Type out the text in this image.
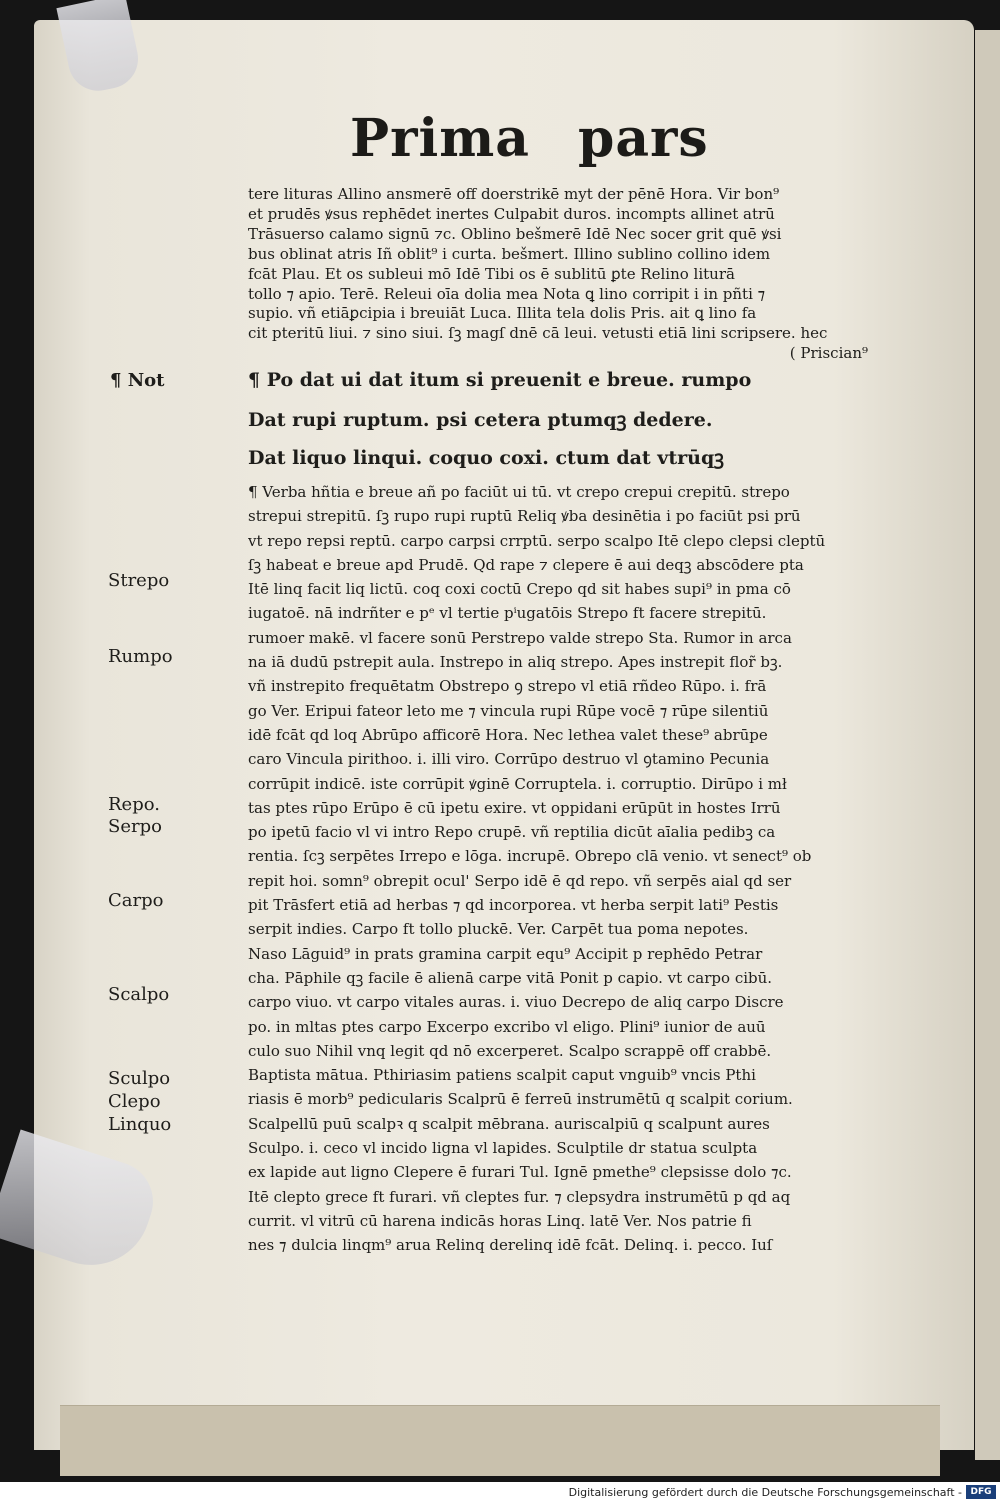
Prima pars
tere lituras Allino ansmerē off doerstrikē myt der pēnē Hora. Vir bon⁹
et prudēs ꝟsus rephēdet inertes Culpabit duros. incompts allinet atrū
Trāsuerso calamo signū ⁊c. Oblino bešmerē Idē Nec socer grit quē ꝟsi
bus oblinat atris Iñ oblit⁹ i curta. bešmert. Illino sublino collino idem
fcāt Plau. Et os subleui mō Idē Tibi os ē sublitū ꝑte Relino liturā
tollo ⁊ apio. Terē. Releui oīa dolia mea Nota ꝗ lino corripit i in pñti ⁊
supio. vñ etiāꝑcipia i breuiāt Luca. Illita tela dolis Pris. ait ꝗ lino fa
cit pteritū liui. ⁊ sino siui. ſꝫ magſ dnē cā leui. vetusti etiā lini scripsere. hec
( Priscian⁹
¶ Po dat ui dat itum si preuenit e breue. rumpo
Dat rupi ruptum. psi cetera ptumqꝫ dedere.
Dat liquo linqui. coquo coxi. ctum dat vtrūqꝫ
¶ Verba hñtia e breue añ po faciūt ui tū. vt crepo crepui crepitū. strepo
strepui strepitū. ſꝫ rupo rupi ruptū Reliq ꝟba desinētia i po faciūt psi prū
vt repo repsi reptū. carpo carpsi crrptū. serpo scalpo Itē clepo clepsi cleptū
ſꝫ habeat e breue apd Prudē. Qd rape ⁊ clepere ē aui deqꝫ abscōdere pta
Itē linq facit liq lictū. coq coxi coctū Crepo qd sit habes supi⁹ in pma cō
iugatoē. nā indrñter e pᵉ vl tertie pⁱugatōis Strepo ft facere strepitū.
rumoer makē. vl facere sonū Perstrepo valde strepo Sta. Rumor in arca
na iā dudū pstrepit aula. Instrepo in aliq strepo. Apes instrepit flor̃ bꝫ.
vñ instrepito frequētatm Obstrepo ꝯ strepo vl etiā rñdeo Rūpo. i. frā
go Ver. Eripui fateor leto me ⁊ vincula rupi Rūpe vocē ⁊ rūpe silentiū
idē fcāt qd loq Abrūpo afficorē Hora. Nec lethea valet these⁹ abrūpe
caro Vincula pirithoo. i. illi viro. Corrūpo destruo vl ꝯtamino Pecunia
corrūpit indicē. iste corrūpit ꝟginē Corruptela. i. corruptio. Dirūpo i mł
tas ptes rūpo Erūpo ē cū ipetu exire. vt oppidani erūpūt in hostes Irrū
po ipetū facio vl vi intro Repo crupē. vñ reptilia dicūt aīalia pedibꝫ ca
rentia. ſcꝫ serpētes Irrepo e lōga. incrupē. Obrepo clā venio. vt senect⁹ ob
repit hoi. somn⁹ obrepit ocul' Serpo idē ē qd repo. vñ serpēs aial qd ser
pit Trāsfert etiā ad herbas ⁊ qd incorporea. vt herba serpit lati⁹ Pestis
serpit indies. Carpo ft tollo pluckē. Ver. Carpēt tua poma nepotes.
Naso Lāguid⁹ in prats gramina carpit equ⁹ Accipit p rephēdo Petrar
cha. Pāphile qꝫ facile ē alienā carpe vitā Ponit p capio. vt carpo cibū.
carpo viuo. vt carpo vitales auras. i. viuo Decrepo de aliq carpo Discre
po. in mltas ptes carpo Excerpo excribo vl eligo. Plini⁹ iunior de auū
culo suo Nihil vnq legit qd nō excerperet. Scalpo scrappē off crabbē.
Baptista mātua. Pthiriasim patiens scalpit caput vnguib⁹ vncis Pthi
riasis ē morb⁹ pedicularis Scalprū ē ferreū instrumētū q scalpit corium.
Scalpellū puū scalpꝛ q scalpit mēbrana. auriscalpiū q scalpunt aures
Sculpo. i. ceco vl incido ligna vl lapides. Sculptile dr statua sculpta
ex lapide aut ligno Clepere ē furari Tul. Ignē pmethe⁹ clepsisse dolo ⁊c.
Itē clepto grece ft furari. vñ cleptes fur. ⁊ clepsydra instrumētū p qd aq
currit. vl vitrū cū harena indicās horas Linq. latē Ver. Nos patrie fi
nes ⁊ dulcia linqm⁹ arua Relinq derelinq idē fcāt. Delinq. i. pecco. Iuſ
¶ Not
Strepo
Rumpo
Repo.
Serpo
Carpo
Scalpo
Sculpo
Clepo
Linquo
Digitalisierung gefördert durch die Deutsche Forschungsgemeinschaft - DFG
